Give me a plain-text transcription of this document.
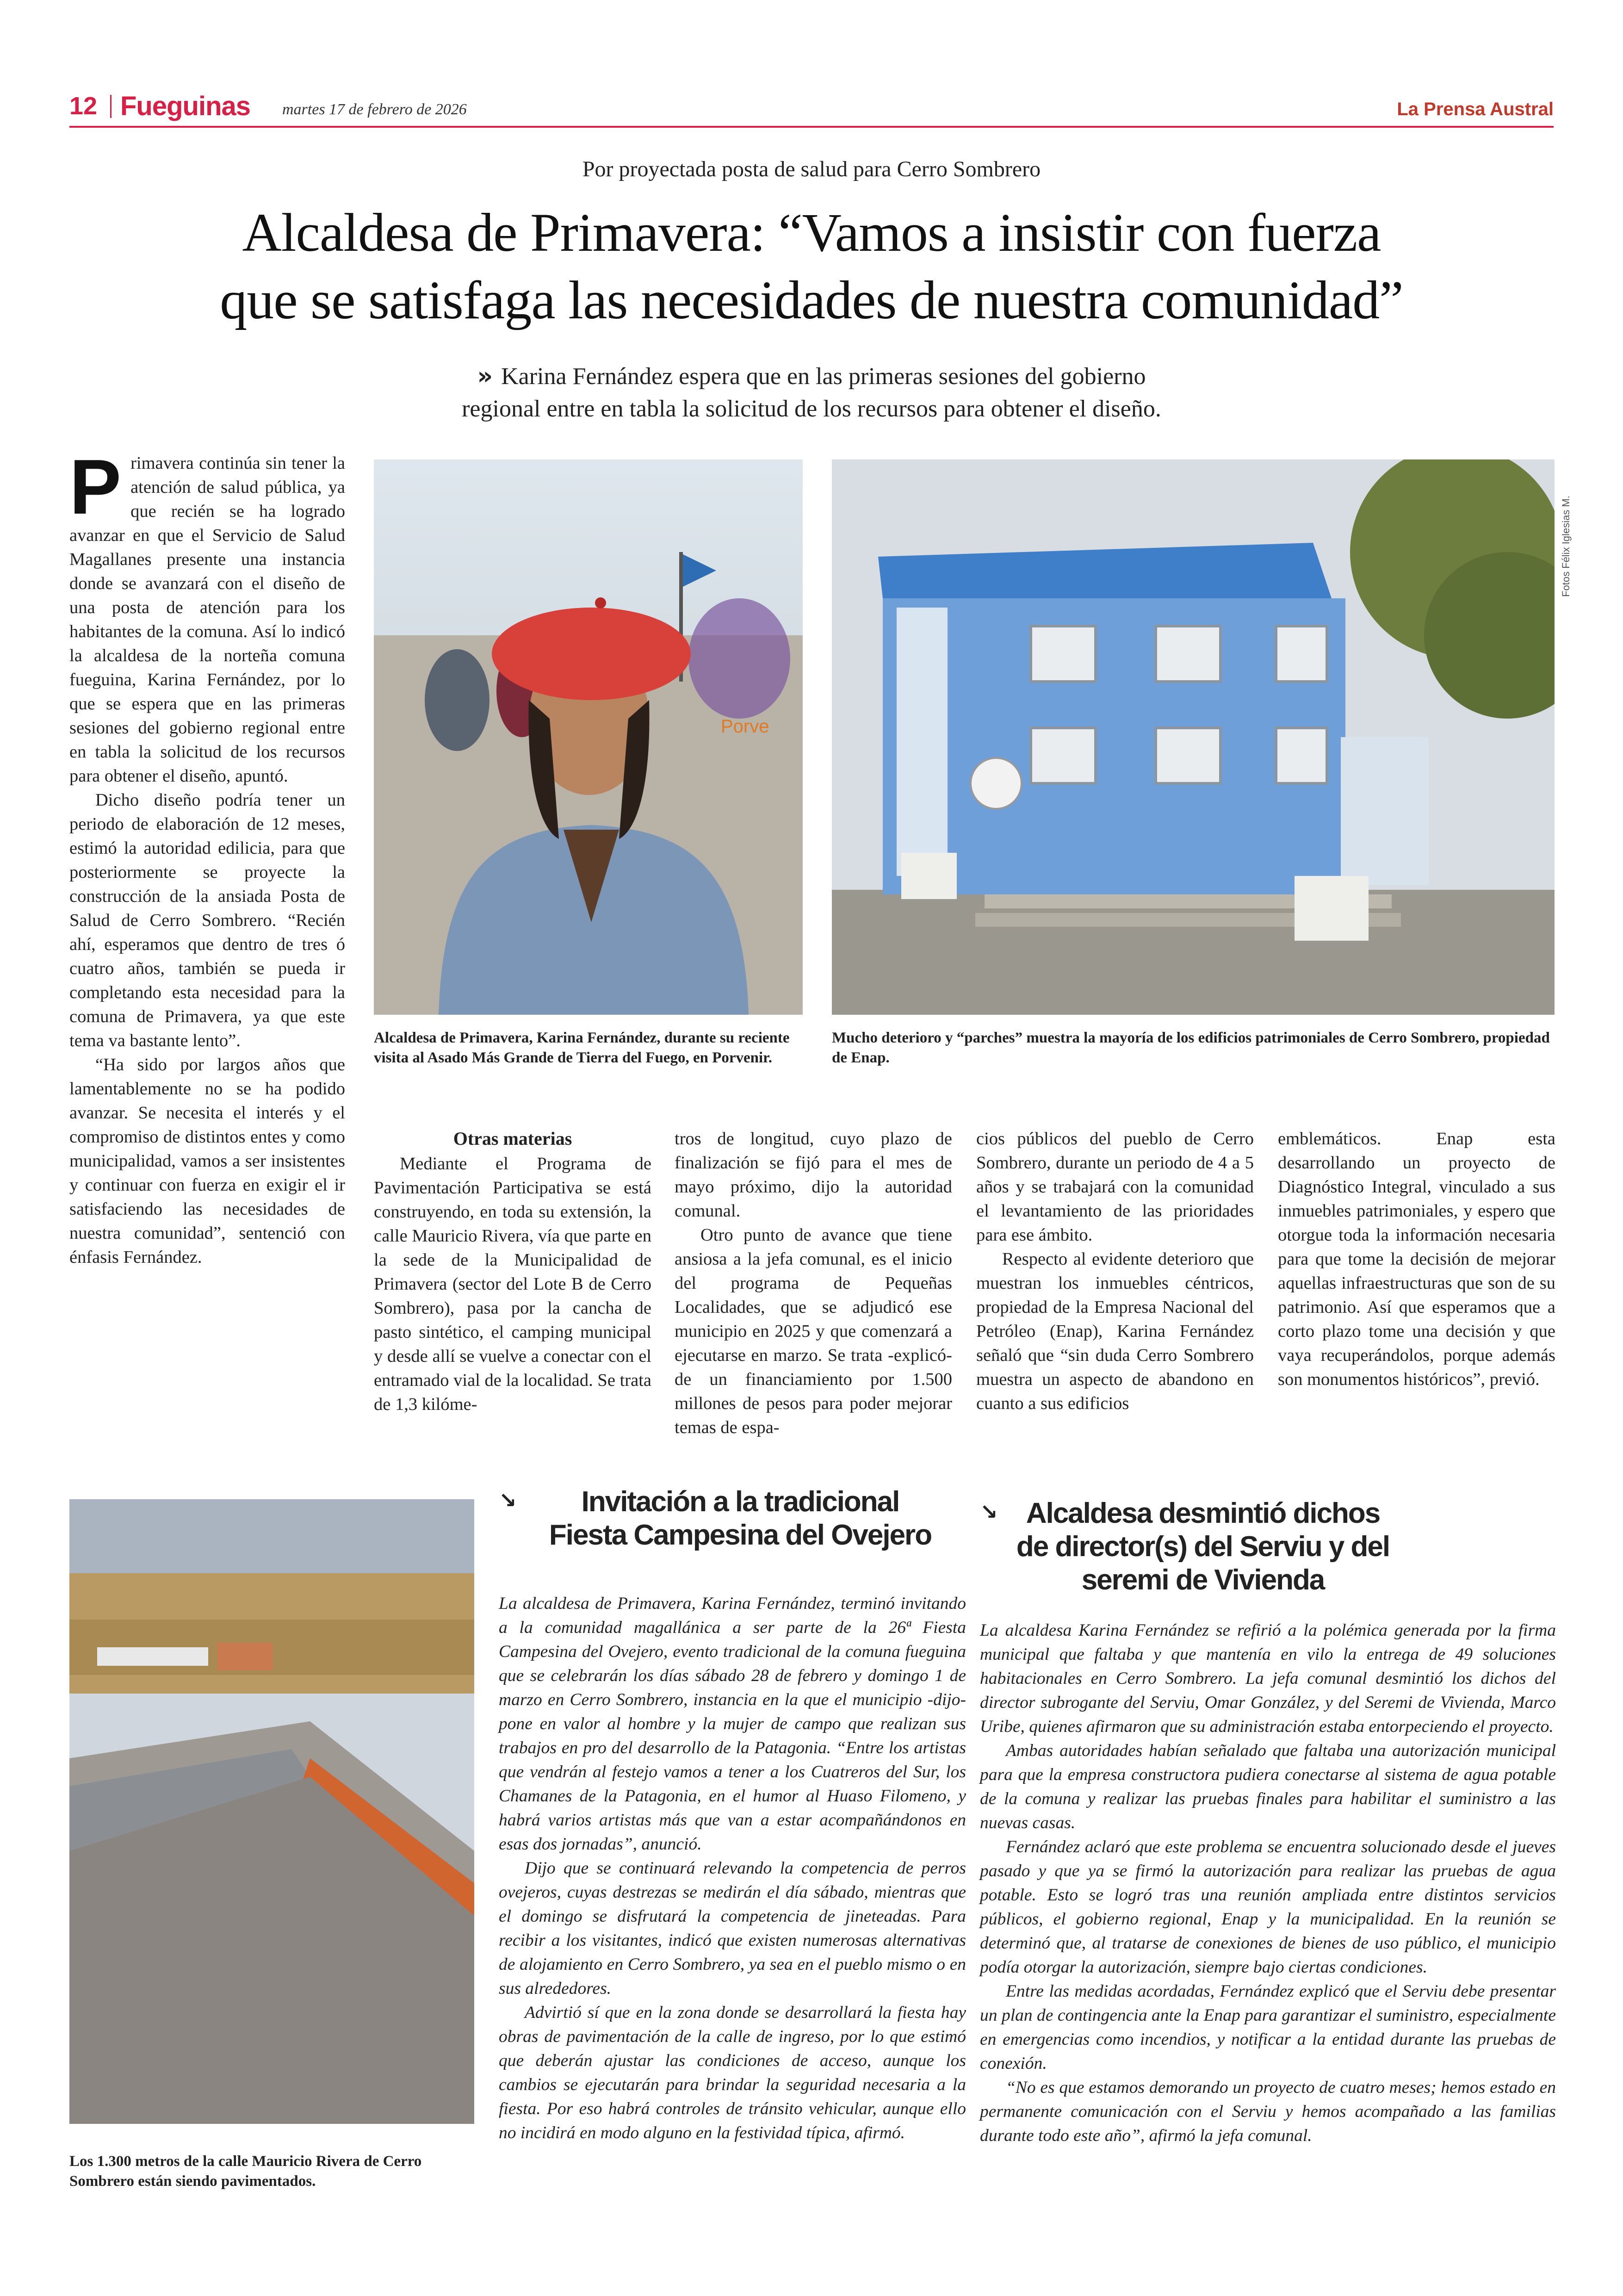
12 Fueguinas martes 17 de febrero de 2026	La Prensa Austral
Por proyectada posta de salud para Cerro Sombrero
Alcaldesa de Primavera: “Vamos a insistir con fuerza
que se satisfaga las necesidades de nuestra comunidad”
» Karina Fernández espera que en las primeras sesiones del gobierno
regional entre en tabla la solicitud de los recursos para obtener el diseño.

Primavera continúa sin tener la atención de salud pública, ya que recién se ha logrado avanzar en que el Servicio de Salud Magallanes presente una instancia donde se avanzará con el diseño de una posta de atención para los habitantes de la comuna. Así lo indicó la alcaldesa de la norteña comuna fueguina, Karina Fernández, por lo que se espera que en las primeras sesiones del gobierno regional entre en tabla la solicitud de los recursos para obtener el diseño, apuntó.

Dicho diseño podría tener un periodo de elaboración de 12 meses, estimó la autoridad edilicia, para que posteriormente se proyecte la construcción de la ansiada Posta de Salud de Cerro Sombrero. “Recién ahí, esperamos que dentro de tres ó cuatro años, también se pueda ir completando esta necesidad para la comuna de Primavera, ya que este tema va bastante lento”.

“Ha sido por largos años que lamentablemente no se ha podido avanzar. Se necesita el interés y el compromiso de distintos entes y como municipalidad, vamos a ser insistentes y continuar con fuerza en exigir el ir satisfaciendo las necesidades de nuestra comunidad”, sentenció con énfasis Fernández.

Porve
Alcaldesa de Primavera, Karina Fernández, durante su reciente visita al Asado Más Grande de Tierra del Fuego, en Porvenir.
Fotos Félix Iglesias M.
Mucho deterioro y “parches” muestra la mayoría de los edificios patrimoniales de Cerro Sombrero, propiedad de Enap.
Otras materias

Mediante el Programa de Pavimentación Participativa se está construyendo, en toda su extensión, la calle Mauricio Rivera, vía que parte en la sede de la Municipalidad de Primavera (sector del Lote B de Cerro Sombrero), pasa por la cancha de pasto sintético, el camping municipal y desde allí se vuelve a conectar con el entramado vial de la localidad. Se trata de 1,3 kilóme-

tros de longitud, cuyo plazo de finalización se fijó para el mes de mayo próximo, dijo la autoridad comunal.

Otro punto de avance que tiene ansiosa a la jefa comunal, es el inicio del programa de Pequeñas Localidades, que se adjudicó ese municipio en 2025 y que comenzará a ejecutarse en marzo. Se trata -explicó- de un financiamiento por 1.500 millones de pesos para poder mejorar temas de espa-

cios públicos del pueblo de Cerro Sombrero, durante un periodo de 4 a 5 años y se trabajará con la comunidad el levantamiento de las prioridades para ese ámbito.

Respecto al evidente deterioro que muestran los inmuebles céntricos, propiedad de la Empresa Nacional del Petróleo (Enap), Karina Fernández señaló que “sin duda Cerro Sombrero muestra un aspecto de abandono en cuanto a sus edificios

emblemáticos. Enap esta desarrollando un proyecto de Diagnóstico Integral, vinculado a sus inmuebles patrimoniales, y espero que otorgue toda la información necesaria para que tome la decisión de mejorar aquellas infraestructuras que son de su patrimonio. Así que esperamos que a corto plazo tome una decisión y que vaya recuperándolos, porque además son monumentos históricos”, previó.

Los 1.300 metros de la calle Mauricio Rivera de Cerro Sombrero están siendo pavimentados.
↘	Invitación a la tradicional
Fiesta Campesina del Ovejero

La alcaldesa de Primavera, Karina Fernández, terminó invitando a la comunidad magallánica a ser parte de la 26ª Fiesta Campesina del Ovejero, evento tradicional de la comuna fueguina que se celebrarán los días sábado 28 de febrero y domingo 1 de marzo en Cerro Sombrero, instancia en la que el municipio -dijo- pone en valor al hombre y la mujer de campo que realizan sus trabajos en pro del desarrollo de la Patagonia. “Entre los artistas que vendrán al festejo vamos a tener a los Cuatreros del Sur, los Chamanes de la Patagonia, en el humor al Huaso Filomeno, y habrá varios artistas más que van a estar acompañándonos en esas dos jornadas”, anunció.

Dijo que se continuará relevando la competencia de perros ovejeros, cuyas destrezas se medirán el día sábado, mientras que el domingo se disfrutará la competencia de jineteadas. Para recibir a los visitantes, indicó que existen numerosas alternativas de alojamiento en Cerro Sombrero, ya sea en el pueblo mismo o en sus alrededores.

Advirtió sí que en la zona donde se desarrollará la fiesta hay obras de pavimentación de la calle de ingreso, por lo que estimó que deberán ajustar las condiciones de acceso, aunque los cambios se ejecutarán para brindar la seguridad necesaria a la fiesta. Por eso habrá controles de tránsito vehicular, aunque ello no incidirá en modo alguno en la festividad típica, afirmó.

↘ Alcaldesa desmintió dichos
de director(s) del Serviu y del
seremi de Vivienda

La alcaldesa Karina Fernández se refirió a la polémica generada por la firma municipal que faltaba y que mantenía en vilo la entrega de 49 soluciones habitacionales en Cerro Sombrero. La jefa comunal desmintió los dichos del director subrogante del Serviu, Omar González, y del Seremi de Vivienda, Marco Uribe, quienes afirmaron que su administración estaba entorpeciendo el proyecto.

Ambas autoridades habían señalado que faltaba una autorización municipal para que la empresa constructora pudiera conectarse al sistema de agua potable de la comuna y realizar las pruebas finales para habilitar el suministro a las nuevas casas.

Fernández aclaró que este problema se encuentra solucionado desde el jueves pasado y que ya se firmó la autorización para realizar las pruebas de agua potable. Esto se logró tras una reunión ampliada entre distintos servicios públicos, el gobierno regional, Enap y la municipalidad. En la reunión se determinó que, al tratarse de conexiones de bienes de uso público, el municipio podía otorgar la autorización, siempre bajo ciertas condiciones.

Entre las medidas acordadas, Fernández explicó que el Serviu debe presentar un plan de contingencia ante la Enap para garantizar el suministro, especialmente en emergencias como incendios, y notificar a la entidad durante las pruebas de conexión.

“No es que estamos demorando un proyecto de cuatro meses; hemos estado en permanente comunicación con el Serviu y hemos acompañado a las familias durante todo este año”, afirmó la jefa comunal.
